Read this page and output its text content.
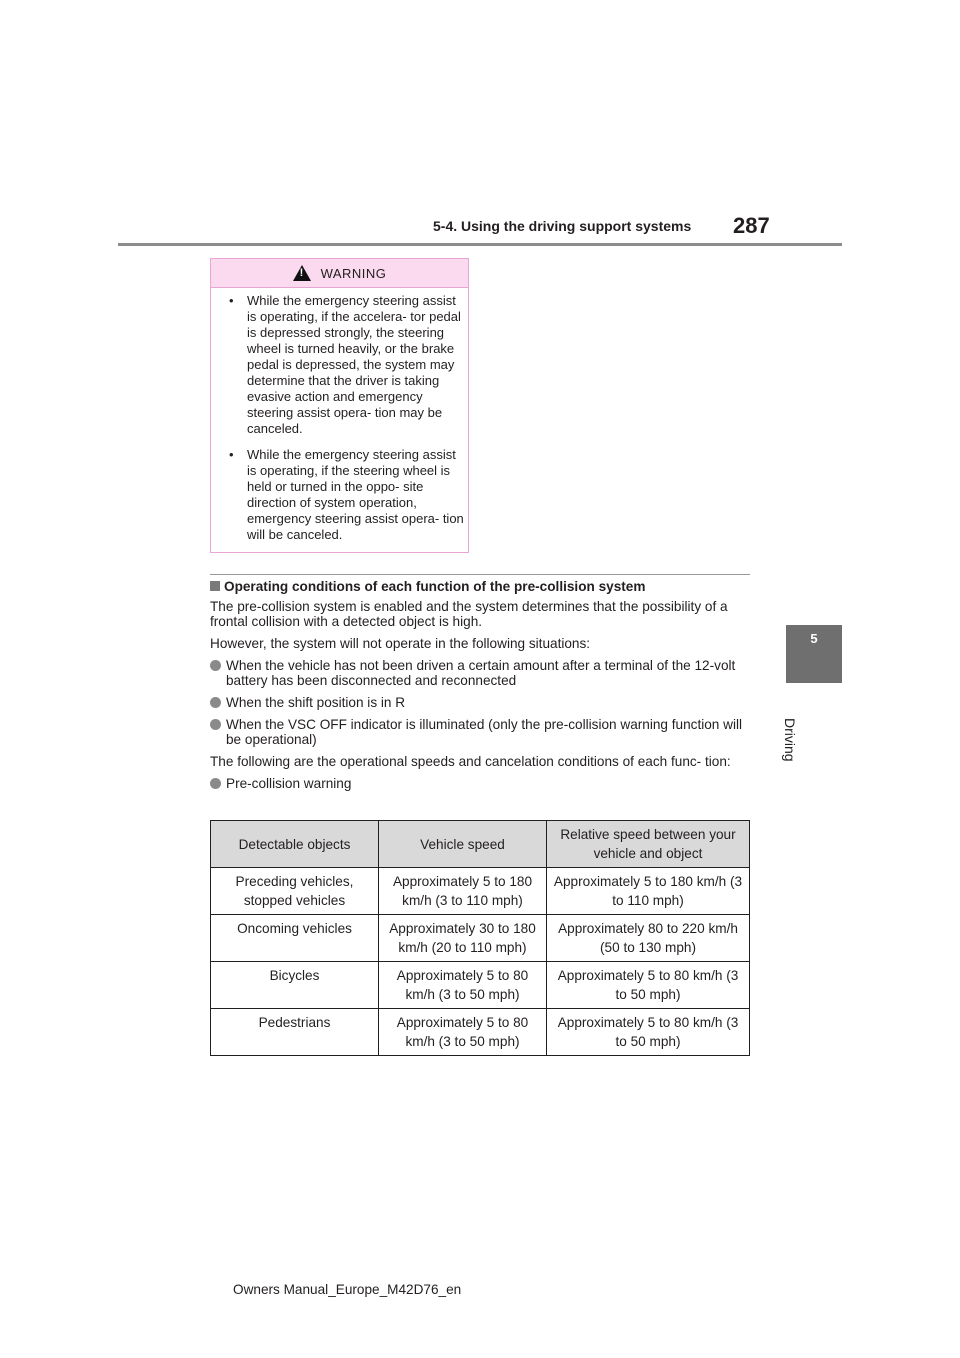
5-4. Using the driving support systems 287
5
Driving
!
WARNING

• While the emergency steering assist is operating, if the accelera- tor pedal is depressed strongly, the steering wheel is turned heavily, or the brake pedal is depressed, the system may determine that the driver is taking evasive action and emergency steering assist opera- tion may be canceled.

• While the emergency steering assist is operating, if the steering wheel is held or turned in the oppo- site direction of system operation, emergency steering assist opera- tion will be canceled.

Operating conditions of each function of the pre-collision system

The pre-collision system is enabled and the system determines that the possibility of a frontal collision with a detected object is high.

However, the system will not operate in the following situations:

When the vehicle has not been driven a certain amount after a terminal of the 12-volt battery has been disconnected and reconnected
When the shift position is in R
When the VSC OFF indicator is illuminated (only the pre-collision warning function will be operational)

The following are the operational speeds and cancelation conditions of each func- tion:

Pre-collision warning
Detectable objects	Vehicle speed	Relative speed between your vehicle and object
Preceding vehicles, stopped vehicles	Approximately 5 to 180 km/h (3 to 110 mph)	Approximately 5 to 180 km/h (3 to 110 mph)
Oncoming vehicles	Approximately 30 to 180 km/h (20 to 110 mph)	Approximately 80 to 220 km/h (50 to 130 mph)
Bicycles	Approximately 5 to 80 km/h (3 to 50 mph)	Approximately 5 to 80 km/h (3 to 50 mph)
Pedestrians	Approximately 5 to 80 km/h (3 to 50 mph)	Approximately 5 to 80 km/h (3 to 50 mph)
Owners Manual_Europe_M42D76_en
